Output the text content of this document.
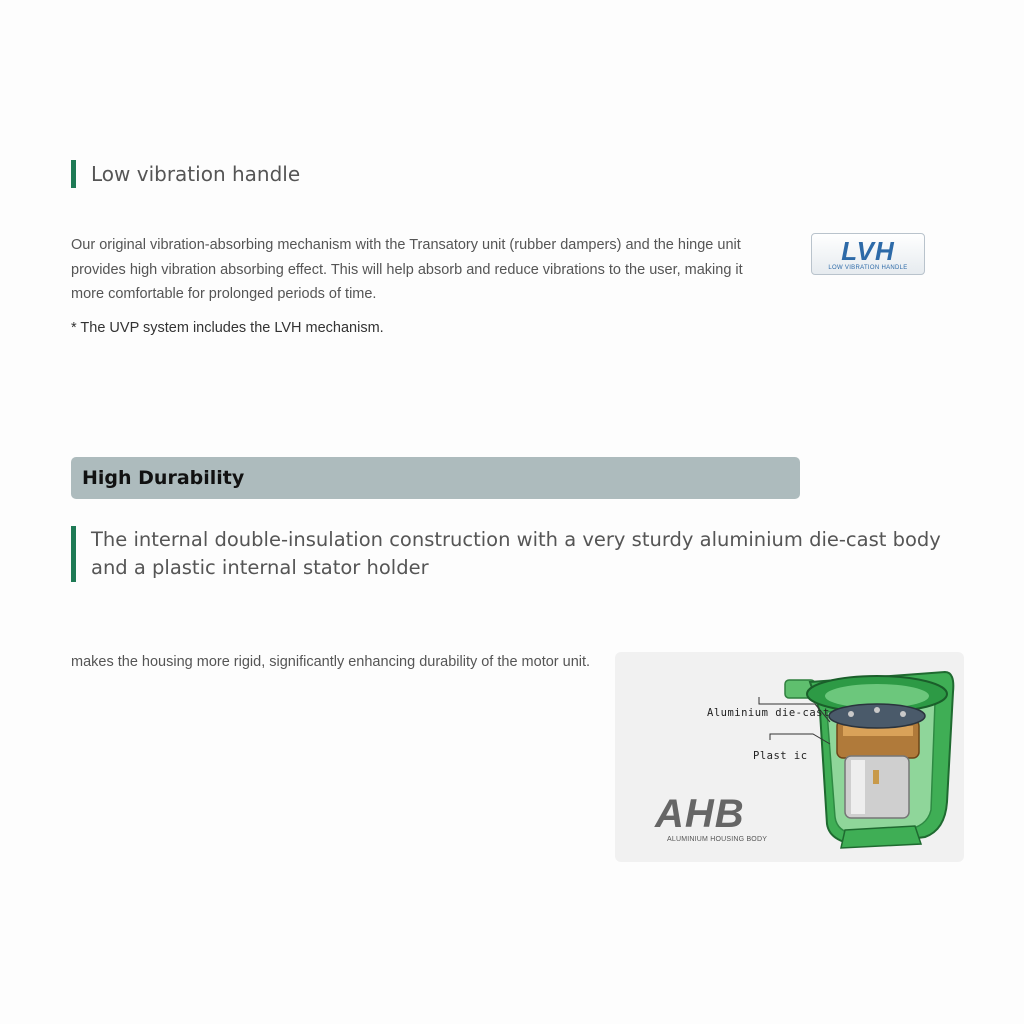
Low vibration handle
Our original vibration-absorbing mechanism with the Transatory unit (rubber dampers) and the hinge unit provides high vibration absorbing effect. This will help absorb and reduce vibrations to the user, making it more comfortable for prolonged periods of time.
* The UVP system includes the LVH mechanism.
LVH
LOW VIBRATION HANDLE
High Durability
The internal double-insulation construction with a very sturdy aluminium die-cast body and a plastic internal stator holder
makes the housing more rigid, significantly enhancing durability of the motor unit.
Aluminium die-cast
Plast ic
AHB
ALUMINIUM HOUSING BODY
